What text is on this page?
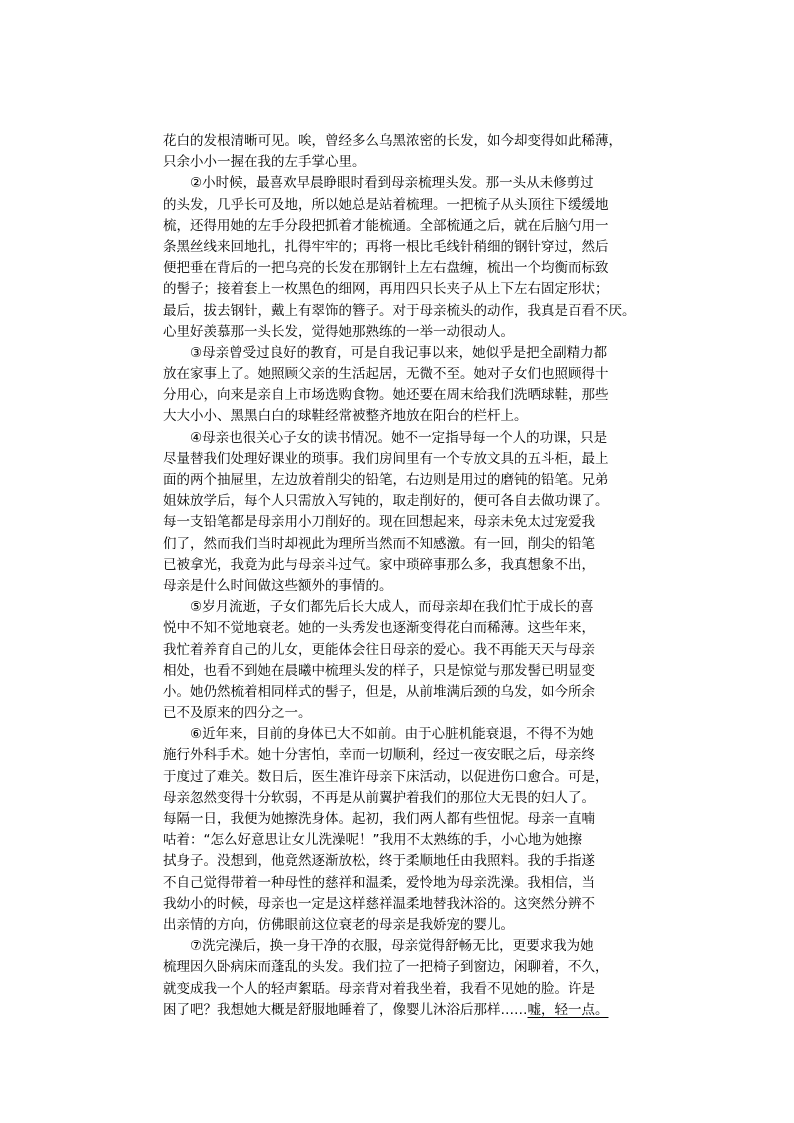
花白的发根清晰可见。唉，曾经多么乌黑浓密的长发，如今却变得如此稀薄，
只余小小一握在我的左手掌心里。
②小时候，最喜欢早晨睁眼时看到母亲梳理头发。那一头从未修剪过
的头发，几乎长可及地，所以她总是站着梳理。一把梳子从头顶往下缓缓地
梳，还得用她的左手分段把抓着才能梳通。全部梳通之后，就在后脑勺用一
条黑丝线来回地扎，扎得牢牢的；再将一根比毛线针稍细的钢针穿过，然后
便把垂在背后的一把乌亮的长发在那钢针上左右盘缠，梳出一个均衡而标致
的髻子；接着套上一枚黑色的细网，再用四只长夹子从上下左右固定形状；
最后，拔去钢针，戴上有翠饰的簪子。对于母亲梳头的动作，我真是百看不厌。
心里好羡慕那一头长发，觉得她那熟练的一举一动很动人。
③母亲曾受过良好的教育，可是自我记事以来，她似乎是把全副精力都
放在家事上了。她照顾父亲的生活起居，无微不至。她对子女们也照顾得十
分用心，向来是亲自上市场选购食物。她还要在周末给我们洗晒球鞋，那些
大大小小、黑黑白白的球鞋经常被整齐地放在阳台的栏杆上。
④母亲也很关心子女的读书情况。她不一定指导每一个人的功课，只是
尽量替我们处理好课业的琐事。我们房间里有一个专放文具的五斗柜，最上
面的两个抽屉里，左边放着削尖的铅笔，右边则是用过的磨钝的铅笔。兄弟
姐妹放学后，每个人只需放入写钝的，取走削好的，便可各自去做功课了。
每一支铅笔都是母亲用小刀削好的。现在回想起来，母亲未免太过宠爱我
们了，然而我们当时却视此为理所当然而不知感激。有一回，削尖的铅笔
已被拿光，我竟为此与母亲斗过气。家中琐碎事那么多，我真想象不出，
母亲是什么时间做这些额外的事情的。
⑤岁月流逝，子女们都先后长大成人，而母亲却在我们忙于成长的喜
悦中不知不觉地衰老。她的一头秀发也逐渐变得花白而稀薄。这些年来，
我忙着养育自己的儿女，更能体会往日母亲的爱心。我不再能天天与母亲
相处，也看不到她在晨曦中梳理头发的样子，只是惊觉与那发髻已明显变
小。她仍然梳着相同样式的髻子，但是，从前堆满后颈的乌发，如今所余
已不及原来的四分之一。
⑥近年来，目前的身体已大不如前。由于心脏机能衰退，不得不为她
施行外科手术。她十分害怕，幸而一切顺利，经过一夜安眠之后，母亲终
于度过了难关。数日后，医生准许母亲下床活动，以促进伤口愈合。可是，
母亲忽然变得十分软弱，不再是从前翼护着我们的那位大无畏的妇人了。
每隔一日，我便为她擦洗身体。起初，我们两人都有些忸怩。母亲一直喃
咕着：“怎么好意思让女儿洗澡呢！”我用不太熟练的手，小心地为她擦
拭身子。没想到，他竟然逐渐放松，终于柔顺地任由我照料。我的手指遂
不自己觉得带着一种母性的慈祥和温柔，爱怜地为母亲洗澡。我相信，当
我幼小的时候，母亲也一定是这样慈祥温柔地替我沐浴的。这突然分辨不
出亲情的方向，仿佛眼前这位衰老的母亲是我娇宠的婴儿。
⑦洗完澡后，换一身干净的衣服，母亲觉得舒畅无比，更要求我为她
梳理因久卧病床而蓬乱的头发。我们拉了一把椅子到窗边，闲聊着，不久，
就变成我一个人的轻声絮聒。母亲背对着我坐着，我看不见她的脸。许是
困了吧？我想她大概是舒服地睡着了，像婴儿沐浴后那样……嘘，轻一点。
